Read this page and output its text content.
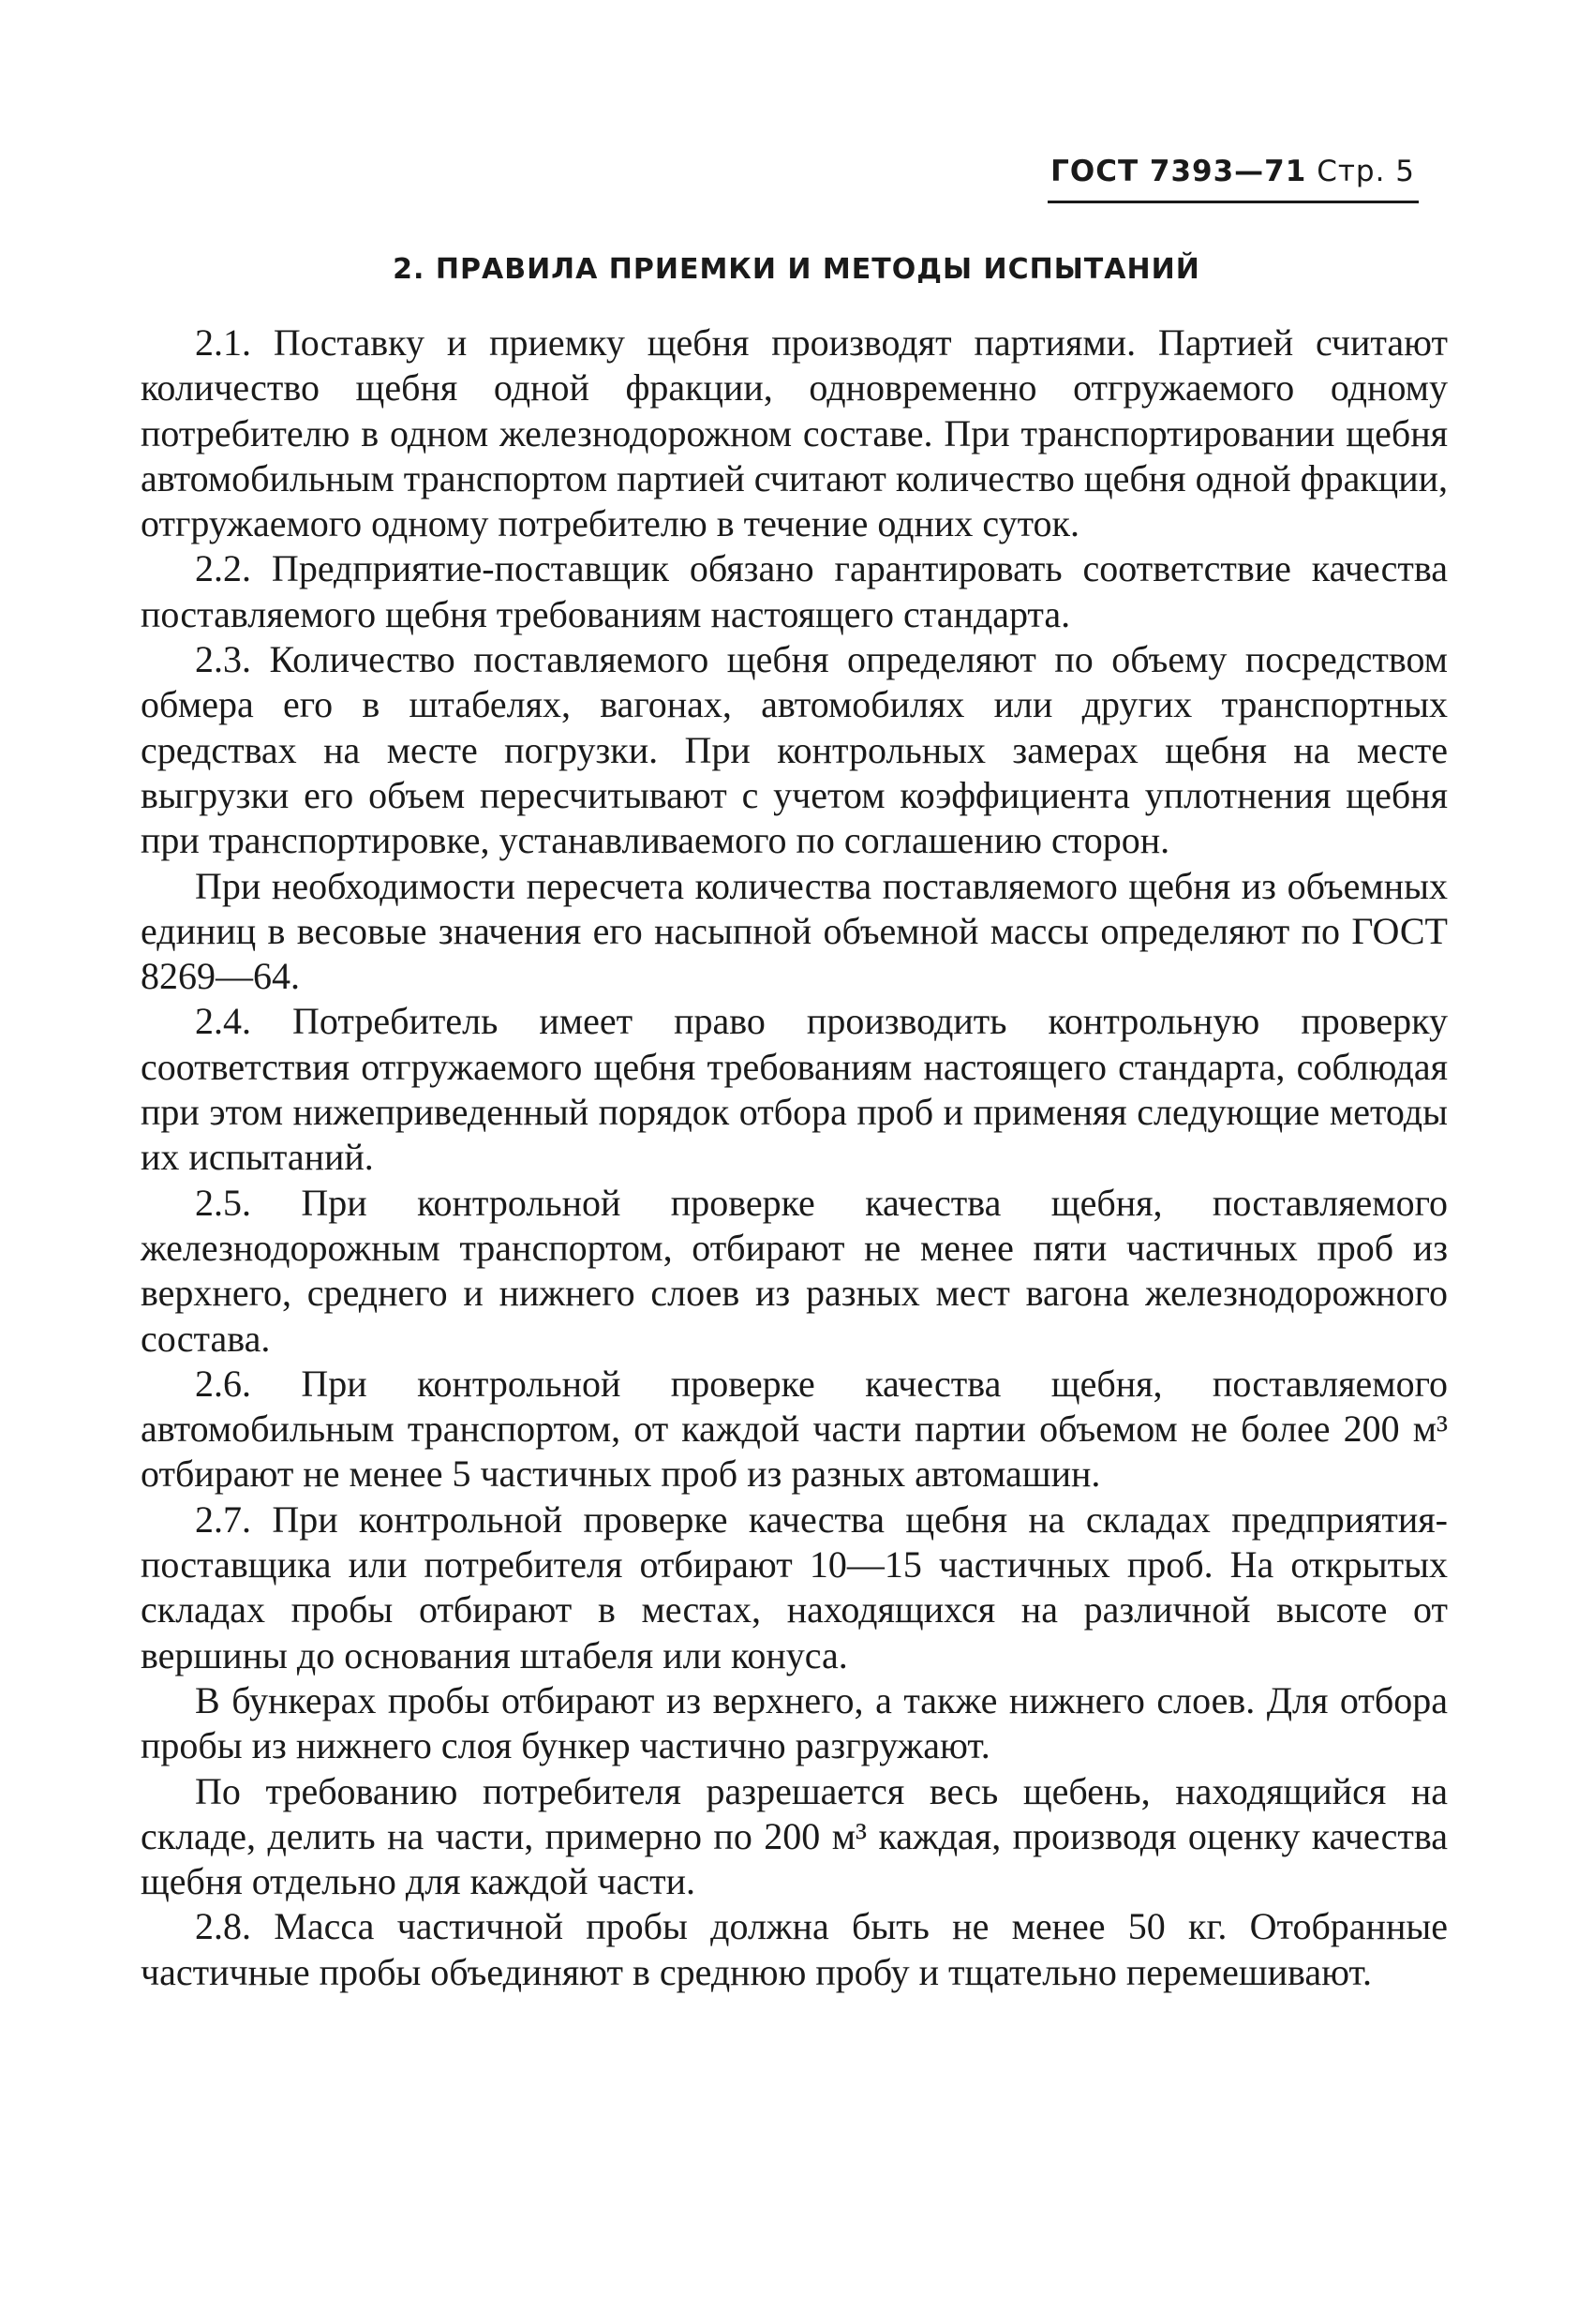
ГОСТ 7393—71 Стр. 5
2. ПРАВИЛА ПРИЕМКИ И МЕТОДЫ ИСПЫТАНИЙ

2.1. Поставку и приемку щебня производят партиями. Партией считают количество щебня одной фракции, одновременно отгружаемого одному потребителю в одном железнодорожном составе. При транспортировании щебня автомобильным транспортом партией считают количество щебня одной фракции, отгружаемого одному потребителю в течение одних суток.

2.2. Предприятие-поставщик обязано гарантировать соответствие качества поставляемого щебня требованиям настоящего стандарта.

2.3. Количество поставляемого щебня определяют по объему посредством обмера его в штабелях, вагонах, автомобилях или других транспортных средствах на месте погрузки. При контрольных замерах щебня на месте выгрузки его объем пересчитывают с учетом коэффициента уплотнения щебня при транспортировке, устанавливаемого по соглашению сторон.

При необходимости пересчета количества поставляемого щебня из объемных единиц в весовые значения его насыпной объемной массы определяют по ГОСТ 8269—64.

2.4. Потребитель имеет право производить контрольную проверку соответствия отгружаемого щебня требованиям настоящего стандарта, соблюдая при этом нижеприведенный порядок отбора проб и применяя следующие методы их испытаний.

2.5. При контрольной проверке качества щебня, поставляемого железнодорожным транспортом, отбирают не менее пяти частичных проб из верхнего, среднего и нижнего слоев из разных мест вагона железнодорожного состава.

2.6. При контрольной проверке качества щебня, поставляемого автомобильным транспортом, от каждой части партии объемом не более 200 м³ отбирают не менее 5 частичных проб из разных автомашин.

2.7. При контрольной проверке качества щебня на складах предприятия-поставщика или потребителя отбирают 10—15 частичных проб. На открытых складах пробы отбирают в местах, находящихся на различной высоте от вершины до основания штабеля или конуса.

В бункерах пробы отбирают из верхнего, а также нижнего слоев. Для отбора пробы из нижнего слоя бункер частично разгружают.

По требованию потребителя разрешается весь щебень, находящийся на складе, делить на части, примерно по 200 м³ каждая, производя оценку качества щебня отдельно для каждой части.

2.8. Масса частичной пробы должна быть не менее 50 кг. Отобранные частичные пробы объединяют в среднюю пробу и тщательно перемешивают.
